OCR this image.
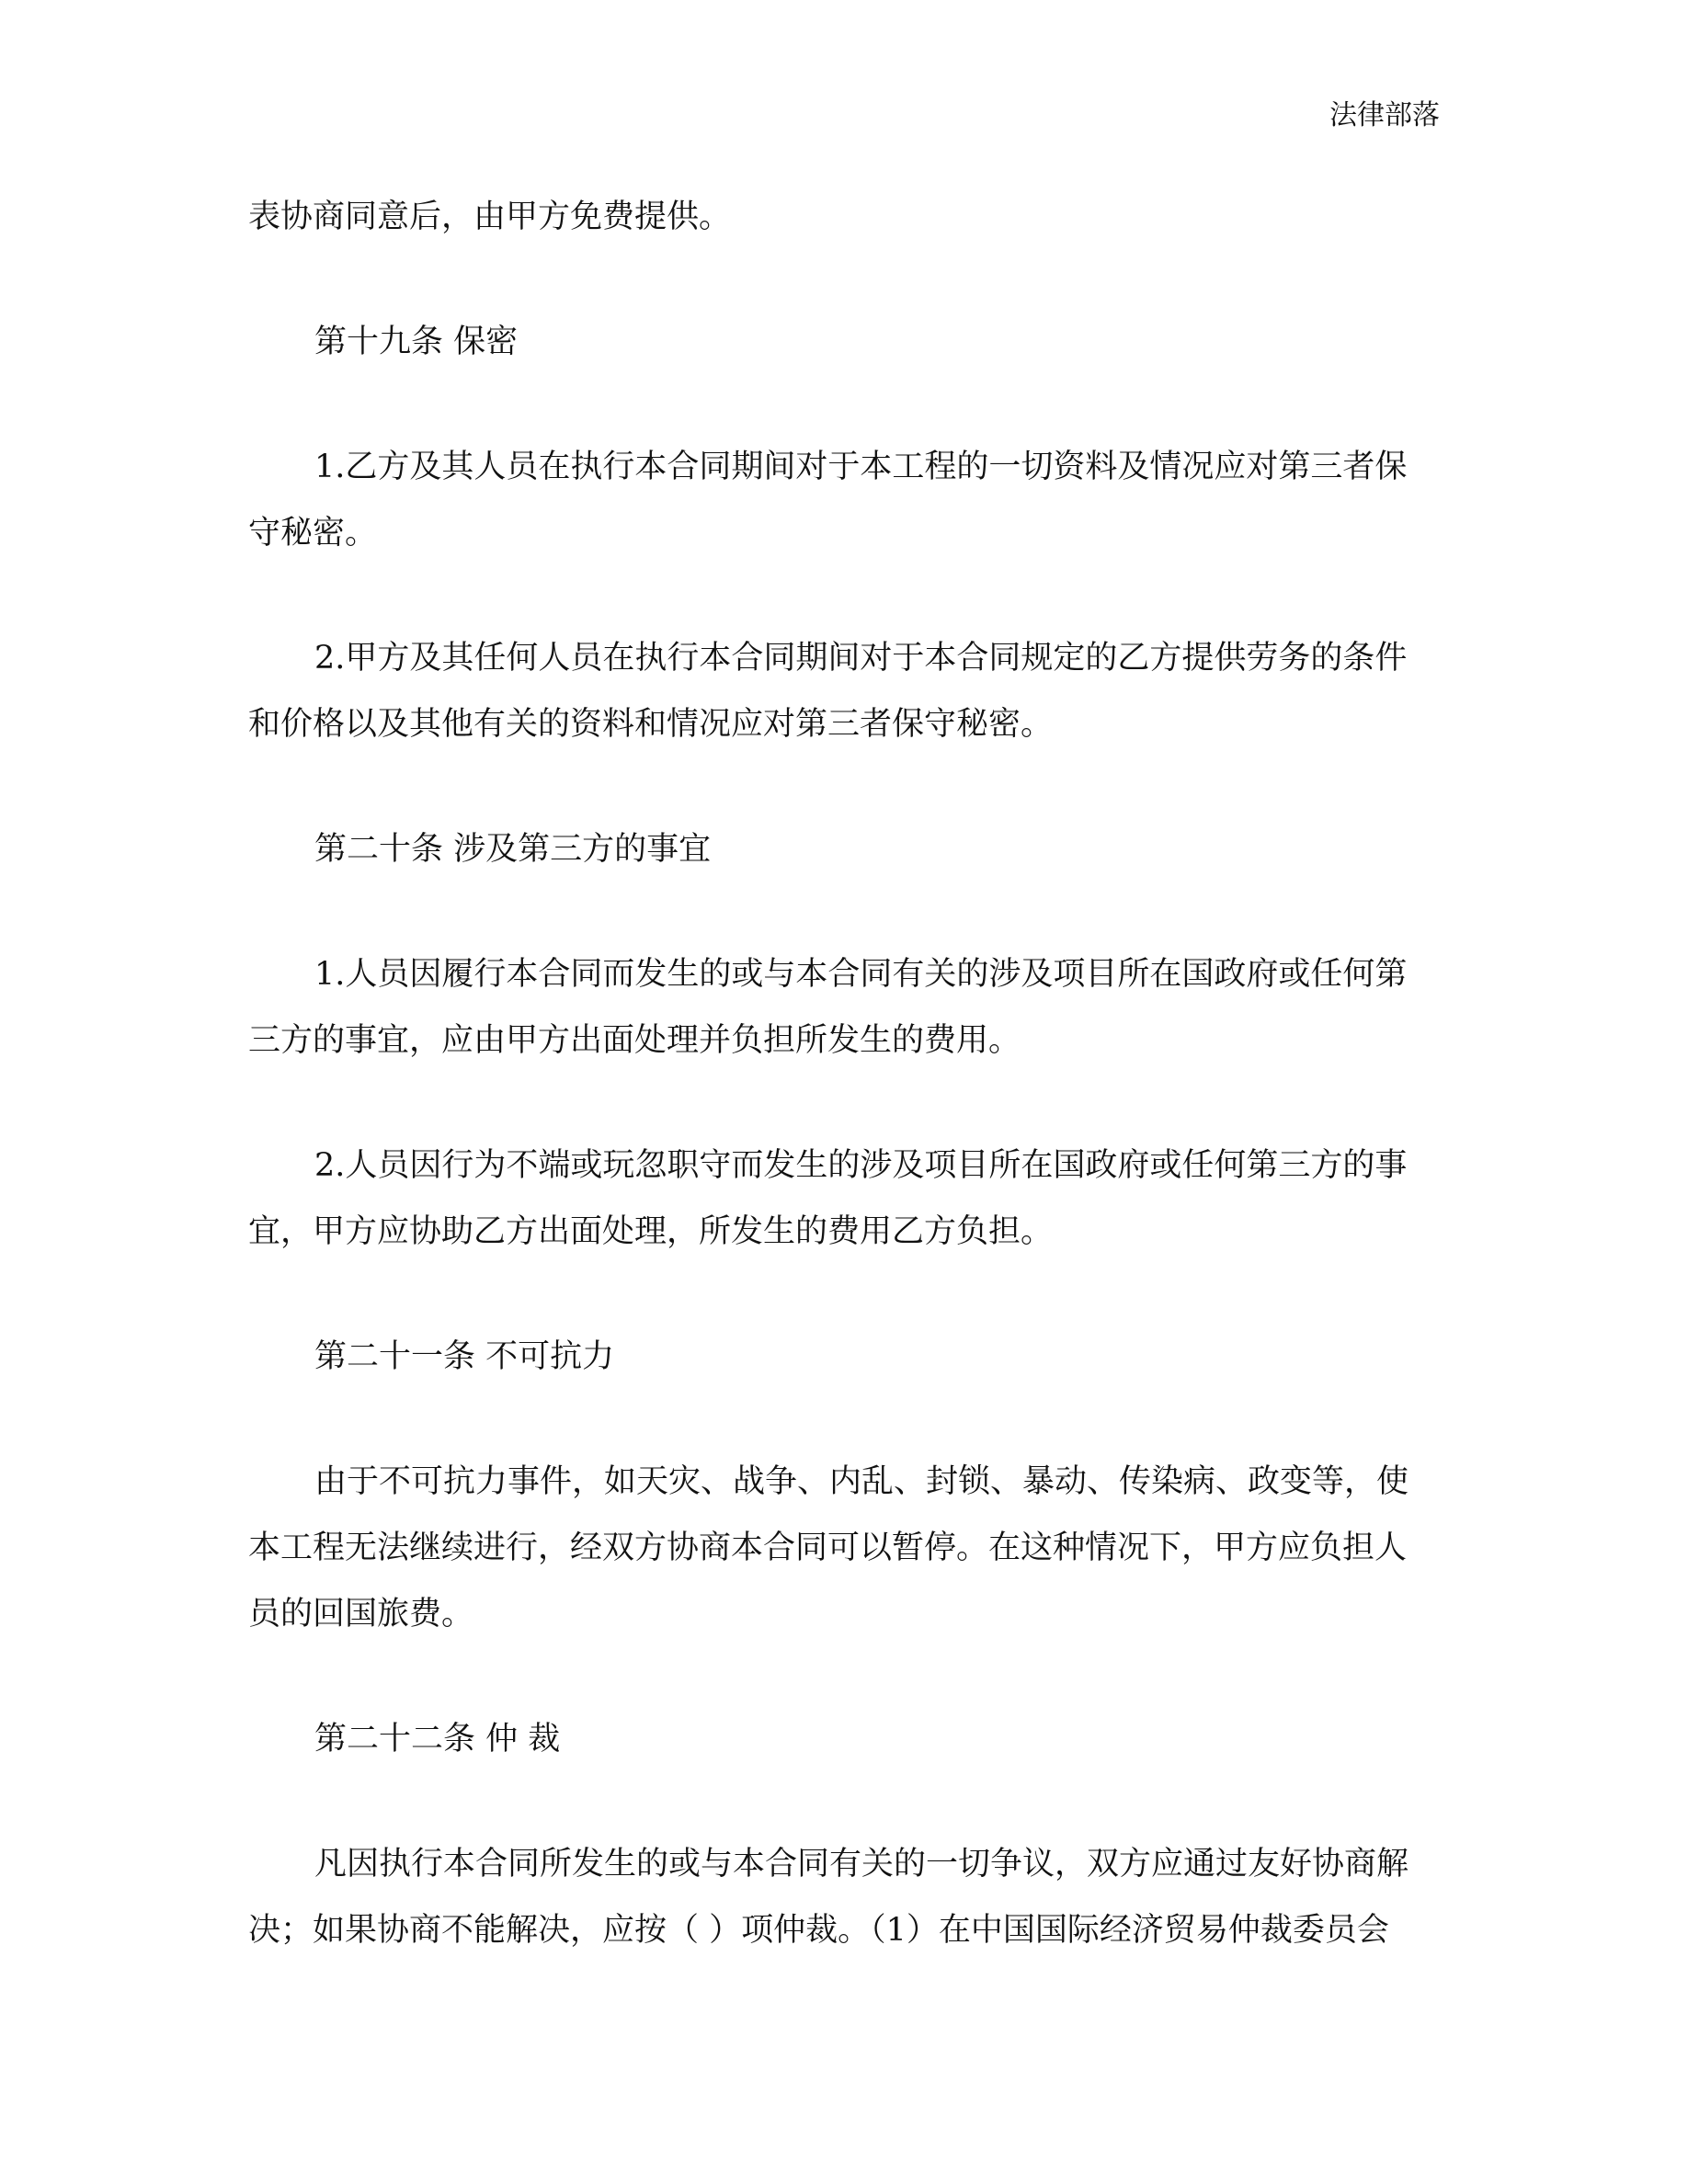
法律部落
表协商同意后，由甲方免费提供。
第十九条 保密
1.乙方及其人员在执行本合同期间对于本工程的一切资料及情况应对第三者保
守秘密。
2.甲方及其任何人员在执行本合同期间对于本合同规定的乙方提供劳务的条件
和价格以及其他有关的资料和情况应对第三者保守秘密。
第二十条 涉及第三方的事宜
1.人员因履行本合同而发生的或与本合同有关的涉及项目所在国政府或任何第
三方的事宜，应由甲方出面处理并负担所发生的费用。
2.人员因行为不端或玩忽职守而发生的涉及项目所在国政府或任何第三方的事
宜，甲方应协助乙方出面处理，所发生的费用乙方负担。
第二十一条 不可抗力
由于不可抗力事件，如天灾、战争、内乱、封锁、暴动、传染病、政变等，使
本工程无法继续进行，经双方协商本合同可以暂停。在这种情况下，甲方应负担人
员的回国旅费。
第二十二条 仲 裁
凡因执行本合同所发生的或与本合同有关的一切争议，双方应通过友好协商解
决；如果协商不能解决，应按（ ）项仲裁。（1）在中国国际经济贸易仲裁委员会
